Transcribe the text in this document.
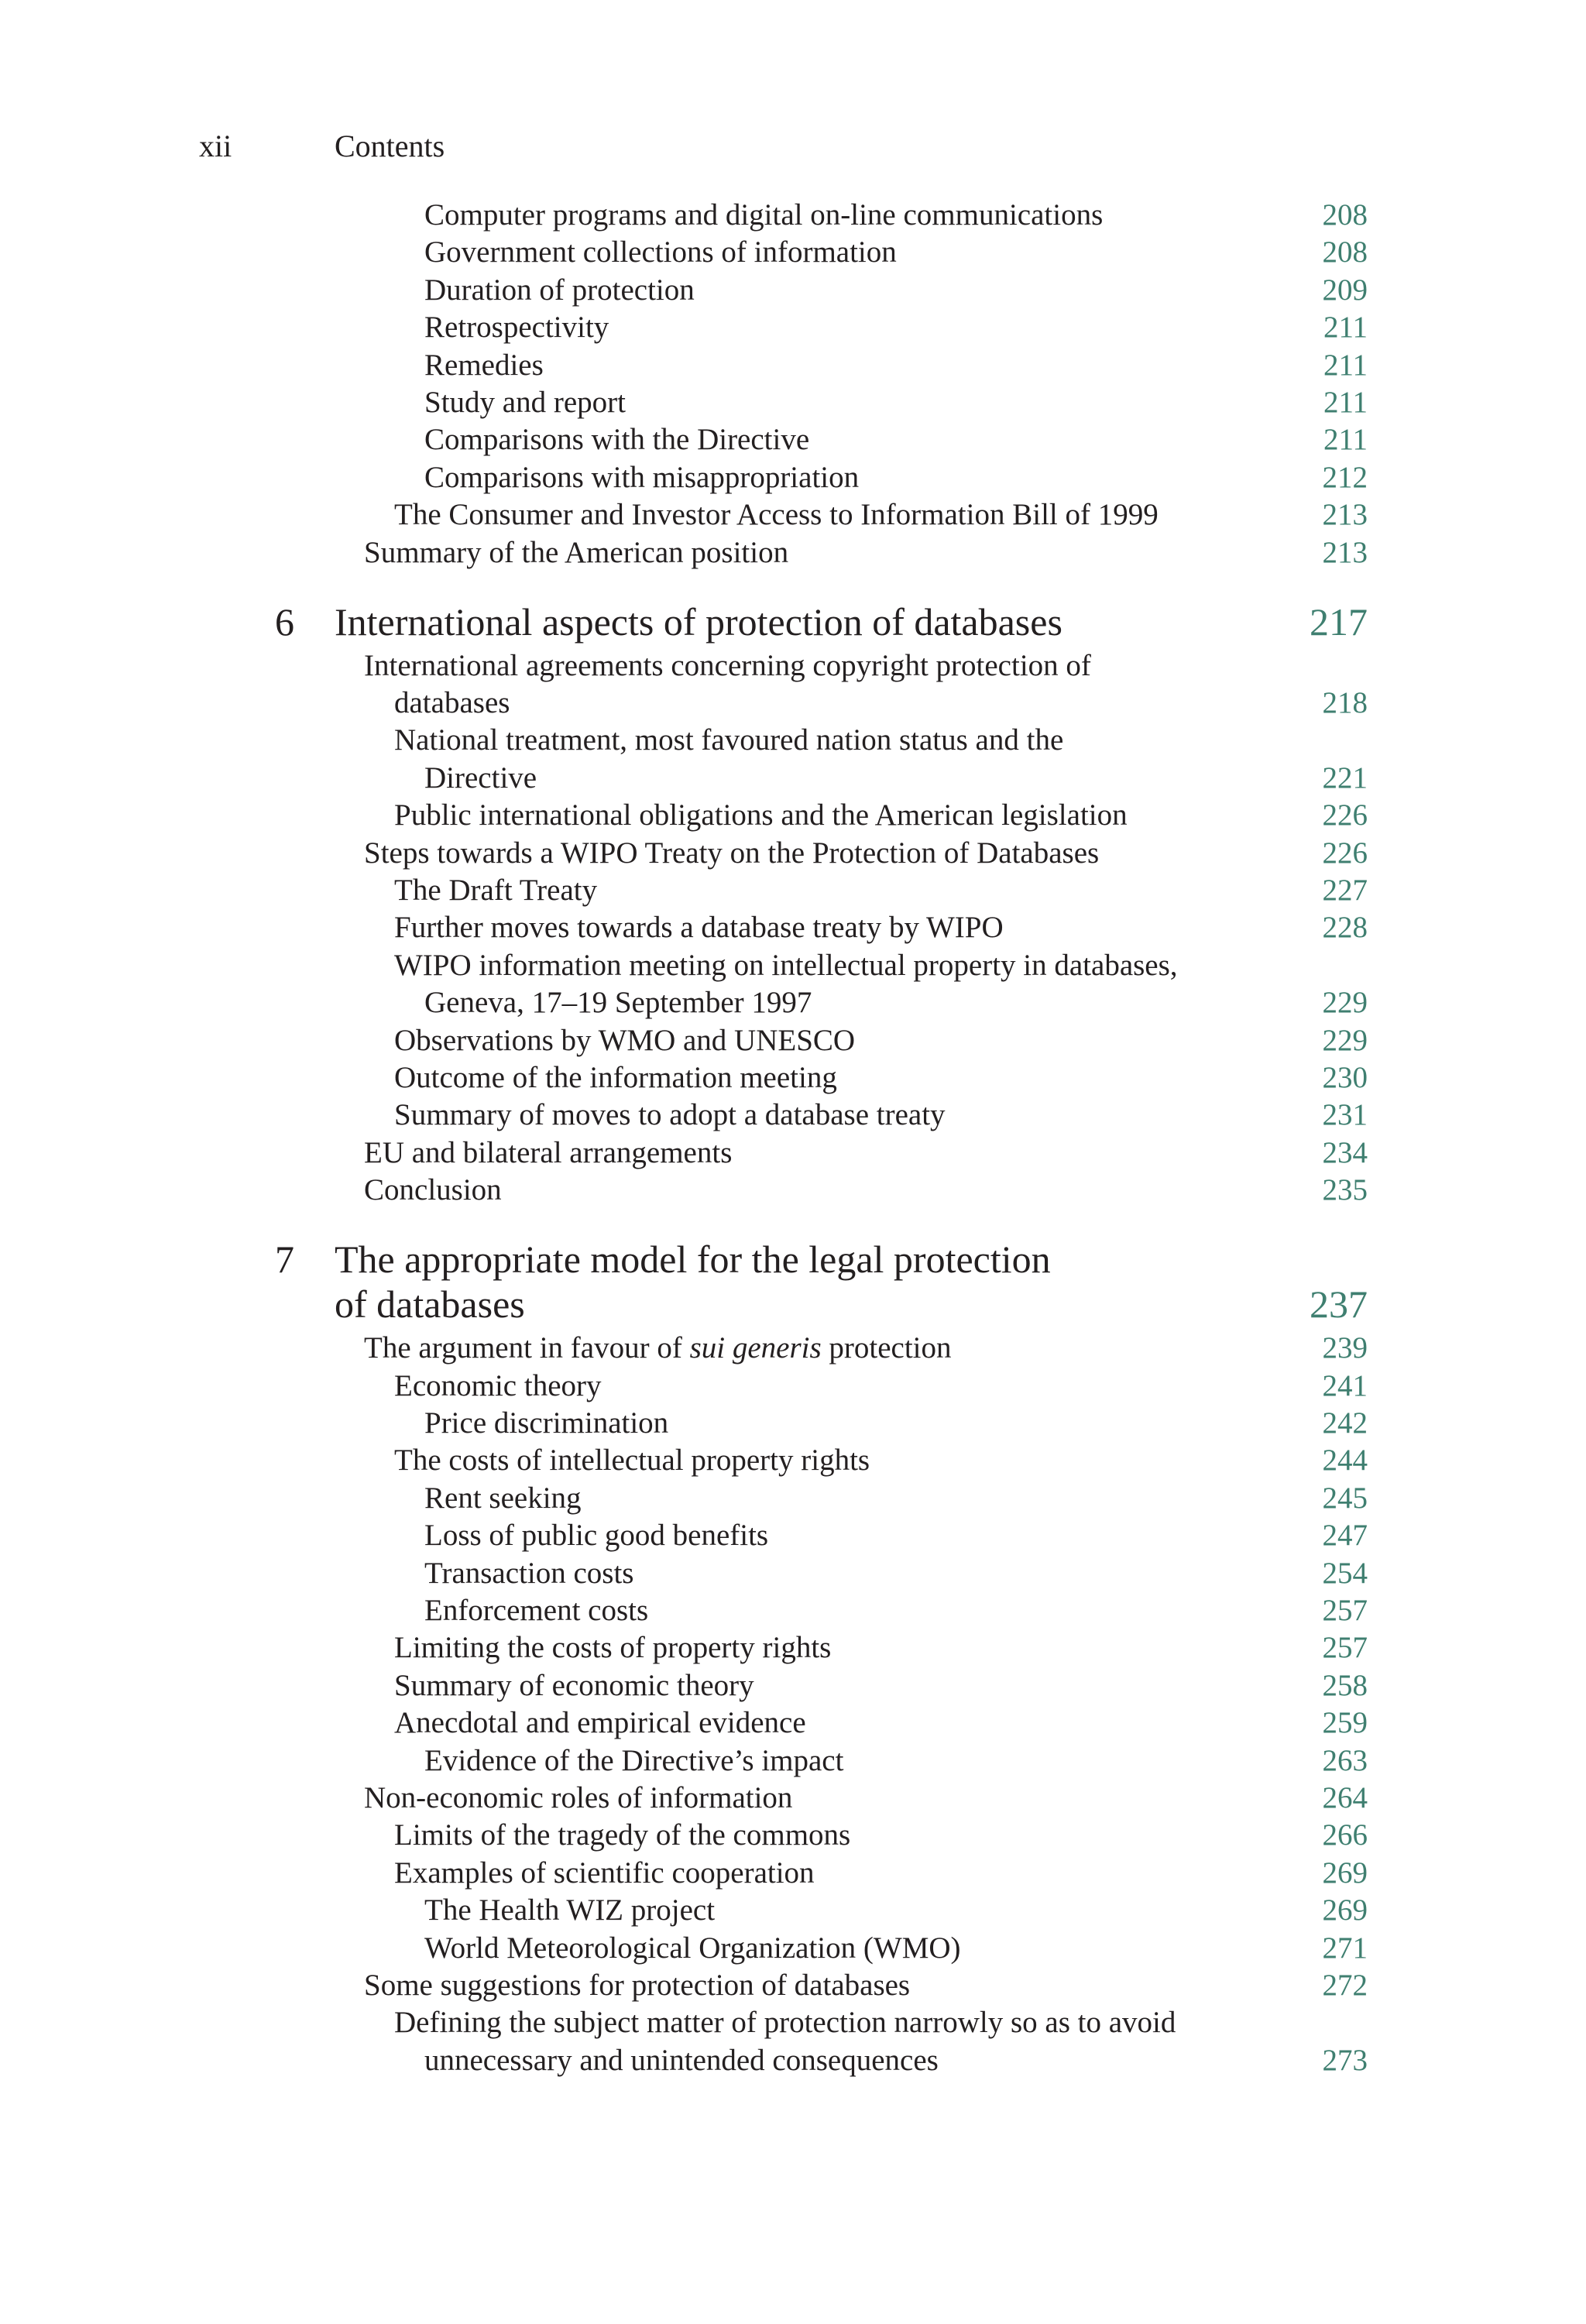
xii	Contents
Computer programs and digital on-line communications	208
Government collections of information	208
Duration of protection	209
Retrospectivity	211
Remedies	211
Study and report	211
Comparisons with the Directive	211
Comparisons with misappropriation	212
The Consumer and Investor Access to Information Bill of 1999	213
Summary of the American position	213
6 International aspects of protection of databases	217
International agreements concerning copyright protection of
databases	218
National treatment, most favoured nation status and the
Directive	221
Public international obligations and the American legislation	226
Steps towards a WIPO Treaty on the Protection of Databases	226
The Draft Treaty	227
Further moves towards a database treaty by WIPO	228
WIPO information meeting on intellectual property in databases,
Geneva, 17–19 September 1997	229
Observations by WMO and UNESCO	229
Outcome of the information meeting	230
Summary of moves to adopt a database treaty	231
EU and bilateral arrangements	234
Conclusion	235
7 The appropriate model for the legal protection
of databases	237
The argument in favour of sui generis protection	239
Economic theory	241
Price discrimination	242
The costs of intellectual property rights	244
Rent seeking	245
Loss of public good benefits	247
Transaction costs	254
Enforcement costs	257
Limiting the costs of property rights	257
Summary of economic theory	258
Anecdotal and empirical evidence	259
Evidence of the Directive’s impact	263
Non-economic roles of information	264
Limits of the tragedy of the commons	266
Examples of scientific cooperation	269
The Health WIZ project	269
World Meteorological Organization (WMO)	271
Some suggestions for protection of databases	272
Defining the subject matter of protection narrowly so as to avoid
unnecessary and unintended consequences	273
